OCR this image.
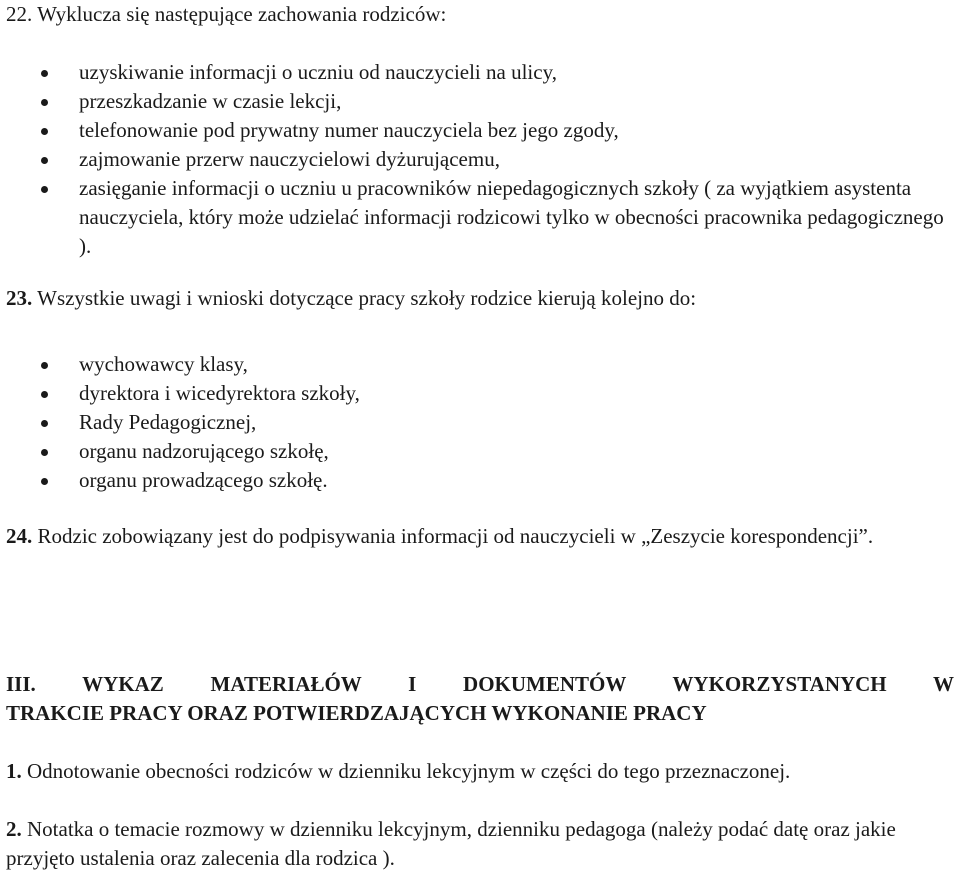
22. Wyklucza się następujące zachowania rodziców:

uzyskiwanie informacji o uczniu od nauczycieli na ulicy,
przeszkadzanie w czasie lekcji,
telefonowanie pod prywatny numer nauczyciela bez jego zgody,
zajmowanie przerw nauczycielowi dyżurującemu,
zasięganie informacji o uczniu u pracowników niepedagogicznych szkoły ( za wyjątkiem asystenta nauczyciela, który może udzielać informacji rodzicowi tylko w obecności pracownika pedagogicznego ).

23. Wszystkie uwagi i wnioski dotyczące pracy szkoły rodzice kierują kolejno do:

wychowawcy klasy,
dyrektora i wicedyrektora szkoły,
Rady Pedagogicznej,
organu nadzorującego szkołę,
organu prowadzącego szkołę.

24. Rodzic zobowiązany jest do podpisywania informacji od nauczycieli w „Zeszycie korespondencji”.

III. WYKAZ MATERIAŁÓW I DOKUMENTÓW WYKORZYSTANYCH W
TRAKCIE PRACY ORAZ POTWIERDZAJĄCYCH WYKONANIE PRACY

1. Odnotowanie obecności rodziców w dzienniku lekcyjnym w części do tego przeznaczonej.

2. Notatka o temacie rozmowy w dzienniku lekcyjnym, dzienniku pedagoga (należy podać datę oraz jakie przyjęto ustalenia oraz zalecenia dla rodzica ).
